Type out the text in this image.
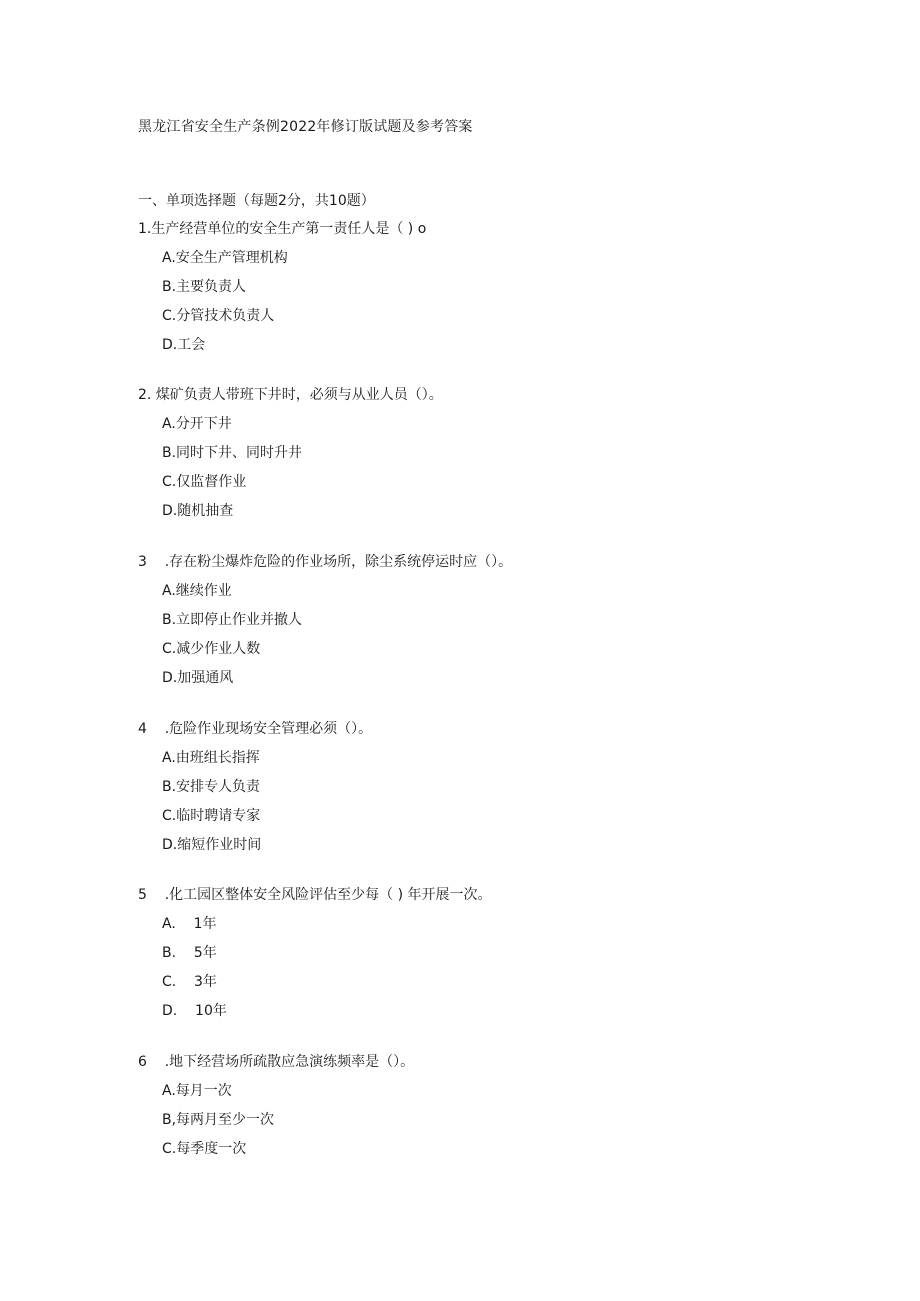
黑龙江省安全生产条例2022年修订版试题及参考答案
一、单项选择题（每题2分，共10题）
1.生产经营单位的安全生产第一责任人是（ ) o
A.安全生产管理机构
B.主要负责人
C.分管技术负责人
D.工会
2. 煤矿负责人带班下井时，必须与从业人员（）。
A.分开下井
B.同时下井、同时升井
C.仅监督作业
D.随机抽查
3    .存在粉尘爆炸危险的作业场所，除尘系统停运时应（）。
A.继续作业
B.立即停止作业并撤人
C.减少作业人数
D.加强通风
4    .危险作业现场安全管理必须（）。
A.由班组长指挥
B.安排专人负责
C.临时聘请专家
D.缩短作业时间
5    .化工园区整体安全风险评估至少每（ ) 年开展一次。
A.    1年
B.    5年
C.    3年
D.    10年
6    .地下经营场所疏散应急演练频率是（）。
A.每月一次
B,每两月至少一次
C.每季度一次
